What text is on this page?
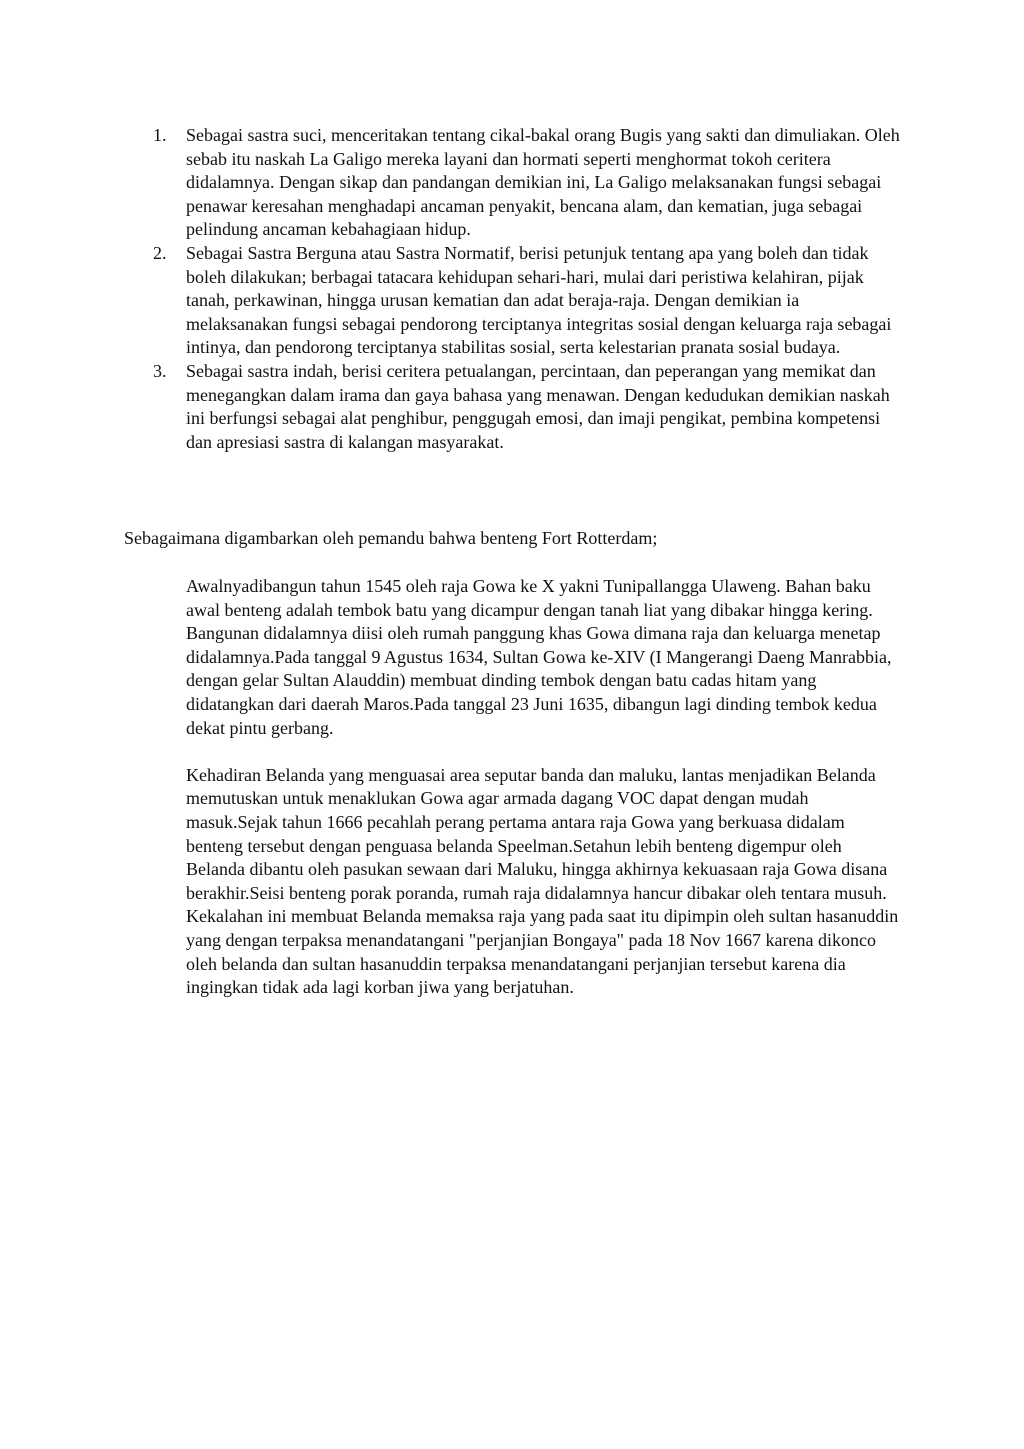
1.	Sebagai sastra suci, menceritakan tentang cikal-bakal orang Bugis yang sakti dan dimuliakan. Oleh sebab itu naskah La Galigo mereka layani dan hormati seperti menghormat tokoh ceritera didalamnya. Dengan sikap dan pandangan demikian ini, La Galigo melaksanakan fungsi sebagai penawar keresahan menghadapi ancaman penyakit, bencana alam, dan kematian, juga sebagai pelindung ancaman kebahagiaan hidup.
2.	Sebagai Sastra Berguna atau Sastra Normatif, berisi petunjuk tentang apa yang boleh dan tidak boleh dilakukan; berbagai tatacara kehidupan sehari-hari, mulai dari peristiwa kelahiran, pijak tanah, perkawinan, hingga urusan kematian dan adat beraja-raja. Dengan demikian ia melaksanakan fungsi sebagai pendorong terciptanya integritas sosial dengan keluarga raja sebagai intinya, dan pendorong terciptanya stabilitas sosial, serta kelestarian pranata sosial budaya.
3.	Sebagai sastra indah, berisi ceritera petualangan, percintaan, dan peperangan yang memikat dan menegangkan dalam irama dan gaya bahasa yang menawan. Dengan kedudukan demikian naskah ini berfungsi sebagai alat penghibur, penggugah emosi, dan imaji pengikat, pembina kompetensi dan apresiasi sastra di kalangan masyarakat.

Sebagaimana digambarkan oleh pemandu bahwa benteng Fort Rotterdam;

Awalnyadibangun tahun 1545 oleh raja Gowa ke X yakni Tunipallangga Ulaweng. Bahan baku awal benteng adalah tembok batu yang dicampur dengan tanah liat yang dibakar hingga kering. Bangunan didalamnya diisi oleh rumah panggung khas Gowa dimana raja dan keluarga menetap didalamnya.Pada tanggal 9 Agustus 1634, Sultan Gowa ke-XIV (I Mangerangi Daeng Manrabbia, dengan gelar Sultan Alauddin) membuat dinding tembok dengan batu cadas hitam yang didatangkan dari daerah Maros.Pada tanggal 23 Juni 1635, dibangun lagi dinding tembok kedua dekat pintu gerbang.

Kehadiran Belanda yang menguasai area seputar banda dan maluku, lantas menjadikan Belanda memutuskan untuk menaklukan Gowa agar armada dagang VOC dapat dengan mudah masuk.Sejak tahun 1666 pecahlah perang pertama antara raja Gowa yang berkuasa didalam benteng tersebut dengan penguasa belanda Speelman.Setahun lebih benteng digempur oleh Belanda dibantu oleh pasukan sewaan dari Maluku, hingga akhirnya kekuasaan raja Gowa disana berakhir.Seisi benteng porak poranda, rumah raja didalamnya hancur dibakar oleh tentara musuh. Kekalahan ini membuat Belanda memaksa raja yang pada saat itu dipimpin oleh sultan hasanuddin yang dengan terpaksa menandatangani "perjanjian Bongaya" pada 18 Nov 1667 karena dikonco oleh belanda dan sultan hasanuddin terpaksa menandatangani perjanjian tersebut karena dia ingingkan tidak ada lagi korban jiwa yang berjatuhan.
